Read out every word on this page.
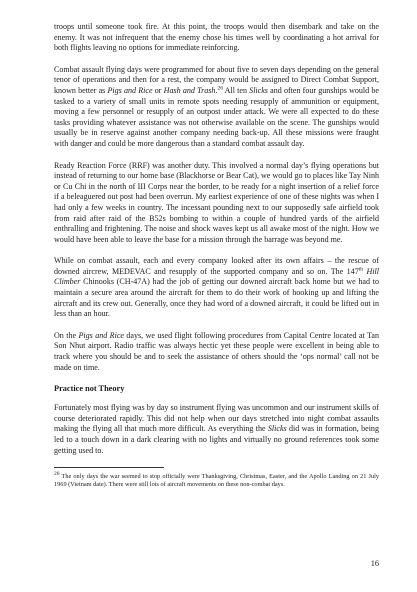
troops until someone took fire. At this point, the troops would then disembark and take on the enemy. It was not infrequent that the enemy chose his times well by coordinating a hot arrival for both flights leaving no options for immediate reinforcing.

Combat assault flying days were programmed for about five to seven days depending on the general tenor of operations and then for a rest, the company would be assigned to Direct Combat Support, known better as Pigs and Rice or Hash and Trash.$^{26}$ All ten Slicks and often four gunships would be tasked to a variety of small units in remote spots needing resupply of ammunition or equipment, moving a few personnel or resupply of an outpost under attack. We were all expected to do these tasks providing whatever assistance was not otherwise available on the scene. The gunships would usually be in reserve against another company needing back-up. All these missions were fraught with danger and could be more dangerous than a standard combat assault day.

Ready Reaction Force (RRF) was another duty. This involved a normal day’s flying operations but instead of returning to our home base (Blackhorse or Bear Cat), we would go to places like Tay Ninh or Cu Chi in the north of III Corps near the border, to be ready for a night insertion of a relief force if a beleaguered out post had been overrun. My earliest experience of one of these nights was when I had only a few weeks in country. The incessant pounding next to our supposedly safe airfield took from raid after raid of the B52s bombing to within a couple of hundred yards of the airfield enthralling and frightening. The noise and shock waves kept us all awake most of the night. How we would have been able to leave the base for a mission through the barrage was beyond me.

While on combat assault, each and every company looked after its own affairs – the rescue of downed aircrew, MEDEVAC and resupply of the supported company and so on. The 147th Hill Climber Chinooks (CH-47A) had the job of getting our downed aircraft back home but we had to maintain a secure area around the aircraft for them to do their work of hooking up and lifting the aircraft and its crew out. Generally, once they had word of a downed aircraft, it could be lifted out in less than an hour.

On the Pigs and Rice days, we used flight following procedures from Capital Centre located at Tan Son Nhut airport. Radio traffic was always hectic yet these people were excellent in being able to track where you should be and to seek the assistance of others should the ‘ops normal’ call not be made on time.

Practice not Theory

Fortunately most flying was by day so instrument flying was uncommon and our instrument skills of course deteriorated rapidly. This did not help when our days stretched into night combat assaults making the flying all that much more difficult. As everything the Slicks did was in formation, being led to a touch down in a dark clearing with no lights and virtually no ground references took some getting used to.

$^{26}$ The only days the war seemed to stop officially were Thanksgiving, Christmas, Easter, and the Apollo Landing on 21 July 1969 (Vietnam date). There were still lots of aircraft movements on these non-combat days.

16
